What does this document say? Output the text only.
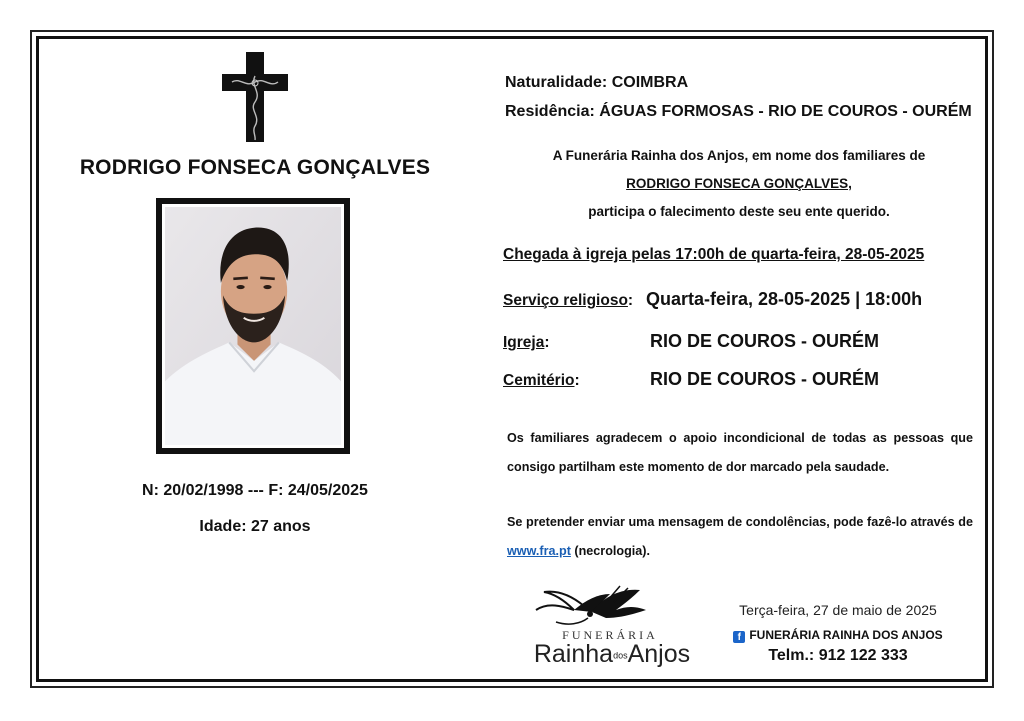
RODRIGO FONSECA GONÇALVES
N: 20/02/1998 --- F: 24/05/2025
Idade: 27 anos
Naturalidade: COIMBRA
Residência: ÁGUAS FORMOSAS - RIO DE COUROS - OURÉM
A Funerária Rainha dos Anjos, em nome dos familiares de
RODRIGO FONSECA GONÇALVES,
participa o falecimento deste seu ente querido.
Chegada à igreja pelas 17:00h de quarta-feira, 28-05-2025
Serviço religioso: Quarta-feira, 28-05-2025 | 18:00h
Igreja:	RIO DE COUROS - OURÉM
Cemitério:	RIO DE COUROS - OURÉM
Os familiares agradecem o apoio incondicional de todas as pessoas que consigo partilham este momento de dor marcado pela saudade.
Se pretender enviar uma mensagem de condolências, pode fazê-lo através de www.fra.pt (necrologia).
FUNERÁRIA
RainhadosAnjos
Terça-feira, 27 de maio de 2025
f FUNERÁRIA RAINHA DOS ANJOS
Telm.: 912 122 333
